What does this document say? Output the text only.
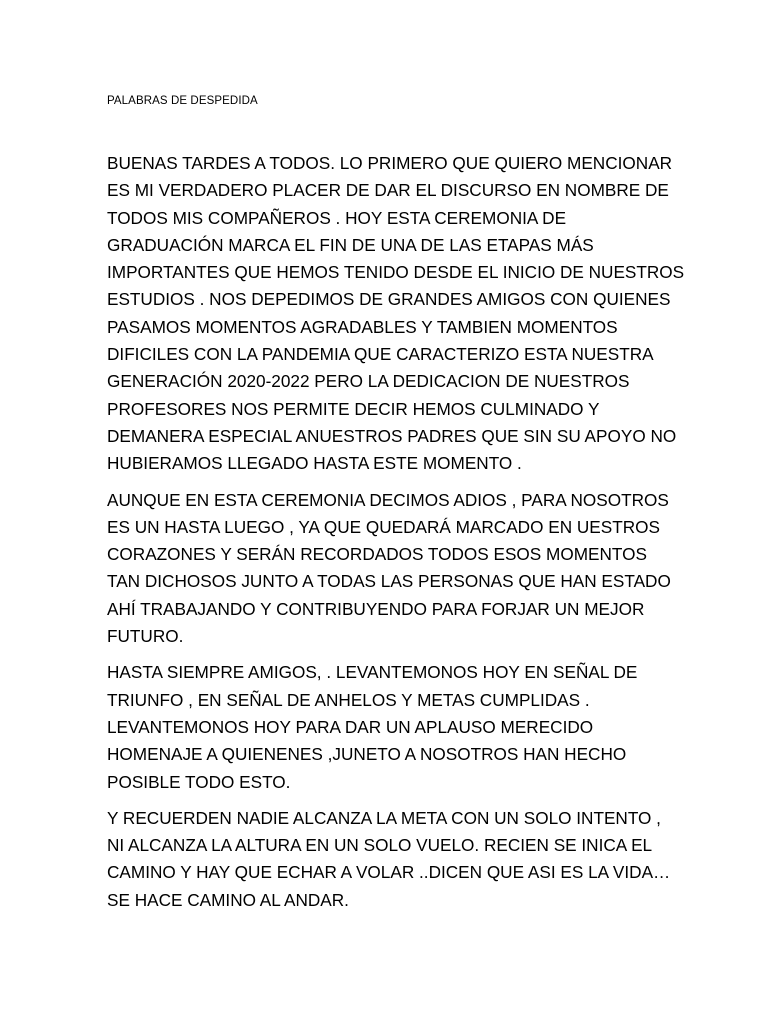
PALABRAS DE DESPEDIDA

BUENAS TARDES A TODOS. LO PRIMERO QUE QUIERO MENCIONAR
ES MI VERDADERO PLACER DE DAR EL DISCURSO EN NOMBRE DE
TODOS MIS COMPAÑEROS . HOY ESTA CEREMONIA DE
GRADUACIÓN MARCA EL FIN DE UNA DE LAS ETAPAS MÁS
IMPORTANTES QUE HEMOS TENIDO DESDE EL INICIO DE NUESTROS
ESTUDIOS . NOS DEPEDIMOS DE GRANDES AMIGOS CON QUIENES
PASAMOS MOMENTOS AGRADABLES Y TAMBIEN MOMENTOS
DIFICILES CON LA PANDEMIA QUE CARACTERIZO ESTA NUESTRA
GENERACIÓN 2020-2022 PERO LA DEDICACION DE NUESTROS
PROFESORES NOS PERMITE DECIR HEMOS CULMINADO Y
DEMANERA ESPECIAL ANUESTROS PADRES QUE SIN SU APOYO NO
HUBIERAMOS LLEGADO HASTA ESTE MOMENTO .

AUNQUE EN ESTA CEREMONIA DECIMOS ADIOS , PARA NOSOTROS
ES UN HASTA LUEGO , YA QUE QUEDARÁ MARCADO EN UESTROS
CORAZONES Y SERÁN RECORDADOS TODOS ESOS MOMENTOS
TAN DICHOSOS JUNTO A TODAS LAS PERSONAS QUE HAN ESTADO
AHÍ TRABAJANDO Y CONTRIBUYENDO PARA FORJAR UN MEJOR
FUTURO.

HASTA SIEMPRE AMIGOS, . LEVANTEMONOS HOY EN SEÑAL DE
TRIUNFO , EN SEÑAL DE ANHELOS Y METAS CUMPLIDAS .
LEVANTEMONOS HOY PARA DAR UN APLAUSO MERECIDO
HOMENAJE A QUIENENES ,JUNETO A NOSOTROS HAN HECHO
POSIBLE TODO ESTO.

Y RECUERDEN NADIE ALCANZA LA META CON UN SOLO INTENTO ,
NI ALCANZA LA ALTURA EN UN SOLO VUELO. RECIEN SE INICA EL
CAMINO Y HAY QUE ECHAR A VOLAR ..DICEN QUE ASI ES LA VIDA…
SE HACE CAMINO AL ANDAR.
